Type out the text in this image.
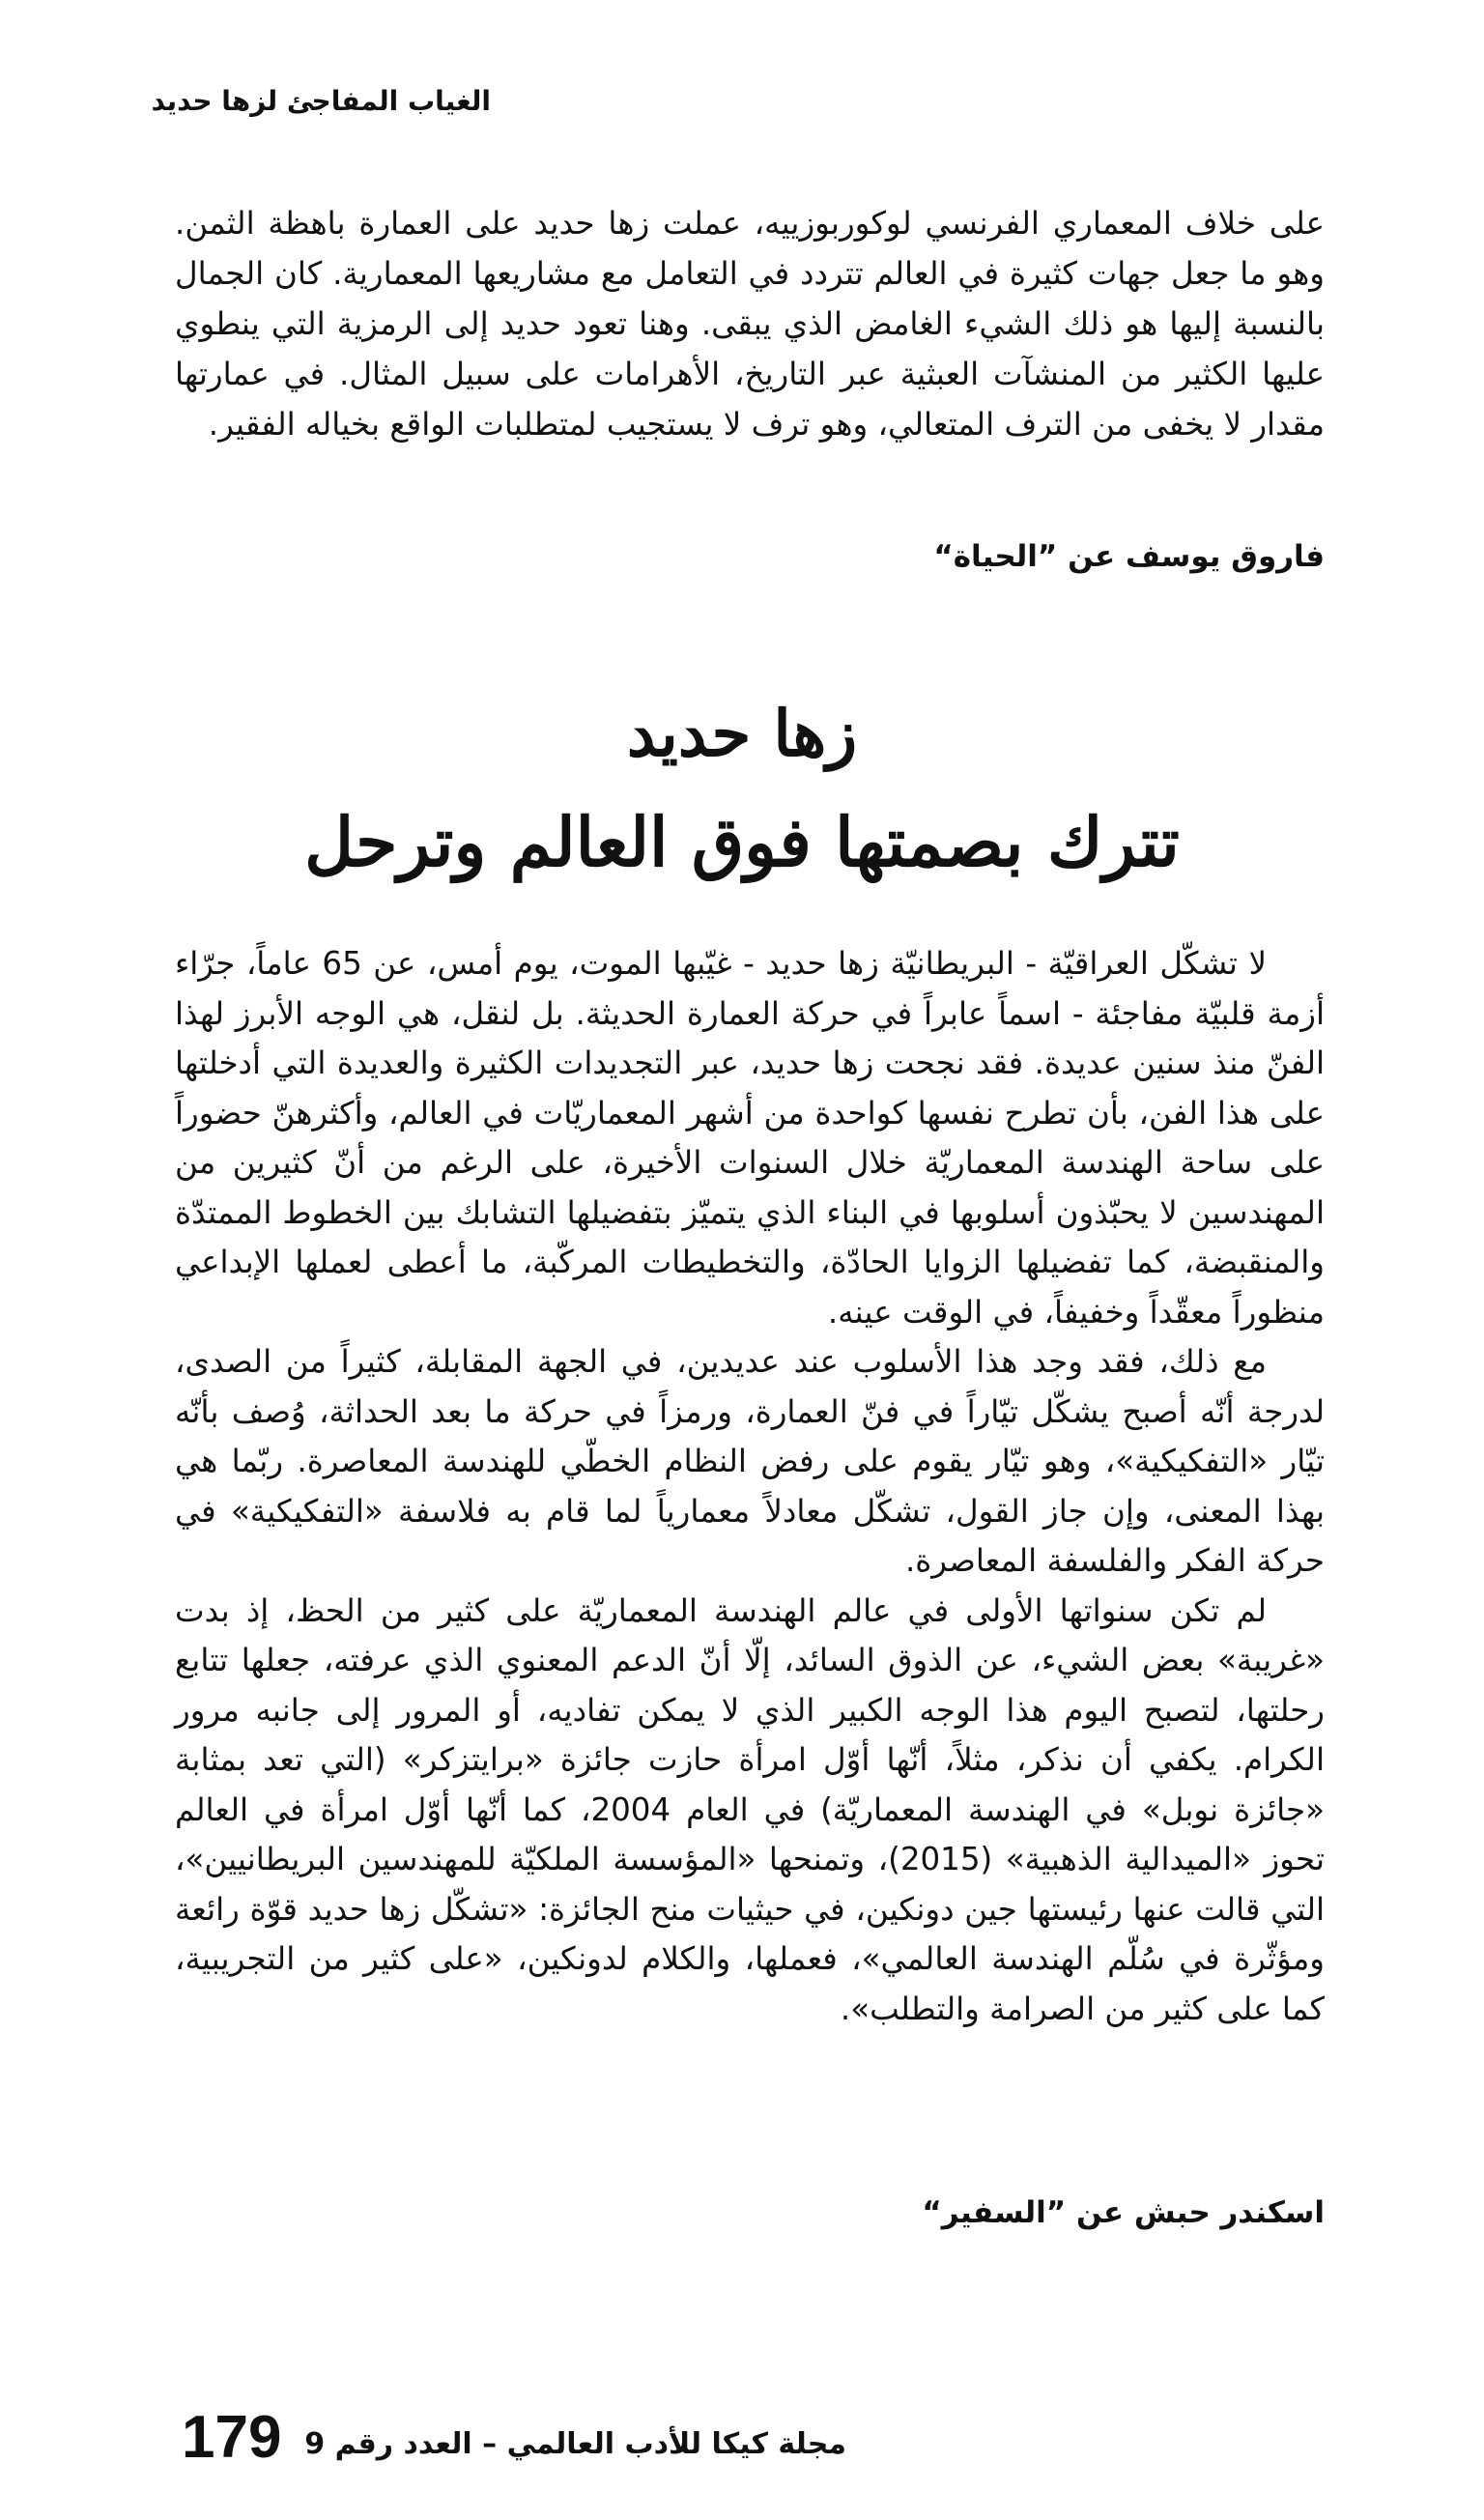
الغياب المفاجئ لزها حديد

على خلاف المعماري الفرنسي لوكوربوزييه، عملت زها حديد على العمارة باهظة الثمن. وهو ما جعل جهات كثيرة في العالم تتردد في التعامل مع مشاريعها المعمارية. كان الجمال بالنسبة إليها هو ذلك الشيء الغامض الذي يبقى. وهنا تعود حديد إلى الرمزية التي ينطوي عليها الكثير من المنشآت العبثية عبر التاريخ، الأهرامات على سبيل المثال. في عمارتها مقدار لا يخفى من الترف المتعالي، وهو ترف لا يستجيب لمتطلبات الواقع بخياله الفقير.

فاروق يوسف عن ”الحياة“
زها حديد
تترك بصمتها فوق العالم وترحل

لا تشكّل العراقيّة - البريطانيّة زها حديد - غيّبها الموت، يوم أمس، عن 65 عاماً، جرّاء أزمة قلبيّة مفاجئة - اسماً عابراً في حركة العمارة الحديثة. بل لنقل، هي الوجه الأبرز لهذا الفنّ منذ سنين عديدة. فقد نجحت زها حديد، عبر التجديدات الكثيرة والعديدة التي أدخلتها على هذا الفن، بأن تطرح نفسها كواحدة من أشهر المعماريّات في العالم، وأكثرهنّ حضوراً على ساحة الهندسة المعماريّة خلال السنوات الأخيرة، على الرغم من أنّ كثيرين من المهندسين لا يحبّذون أسلوبها في البناء الذي يتميّز بتفضيلها التشابك بين الخطوط الممتدّة والمنقبضة، كما تفضيلها الزوايا الحادّة، والتخطيطات المركّبة، ما أعطى لعملها الإبداعي منظوراً معقّداً وخفيفاً، في الوقت عينه.

مع ذلك، فقد وجد هذا الأسلوب عند عديدين، في الجهة المقابلة، كثيراً من الصدى، لدرجة أنّه أصبح يشكّل تيّاراً في فنّ العمارة، ورمزاً في حركة ما بعد الحداثة، وُصف بأنّه تيّار «التفكيكية»، وهو تيّار يقوم على رفض النظام الخطّي للهندسة المعاصرة. ربّما هي بهذا المعنى، وإن جاز القول، تشكّل معادلاً معمارياً لما قام به فلاسفة «التفكيكية» في حركة الفكر والفلسفة المعاصرة.

لم تكن سنواتها الأولى في عالم الهندسة المعماريّة على كثير من الحظ، إذ بدت «غريبة» بعض الشيء، عن الذوق السائد، إلّا أنّ الدعم المعنوي الذي عرفته، جعلها تتابع رحلتها، لتصبح اليوم هذا الوجه الكبير الذي لا يمكن تفاديه، أو المرور إلى جانبه مرور الكرام. يكفي أن نذكر، مثلاً، أنّها أوّل امرأة حازت جائزة «برايتزكر» (التي تعد بمثابة «جائزة نوبل» في الهندسة المعماريّة) في العام 2004، كما أنّها أوّل امرأة في العالم تحوز «الميدالية الذهبية» (2015)، وتمنحها «المؤسسة الملكيّة للمهندسين البريطانيين»، التي قالت عنها رئيستها جين دونكين، في حيثيات منح الجائزة: «تشكّل زها حديد قوّة رائعة ومؤثّرة في سُلّم الهندسة العالمي»، فعملها، والكلام لدونكين، «على كثير من التجريبية، كما على كثير من الصرامة والتطلب».

اسكندر حبش عن ”السفير“
مجلة كيكا للأدب العالمي – العدد رقم 9
179
